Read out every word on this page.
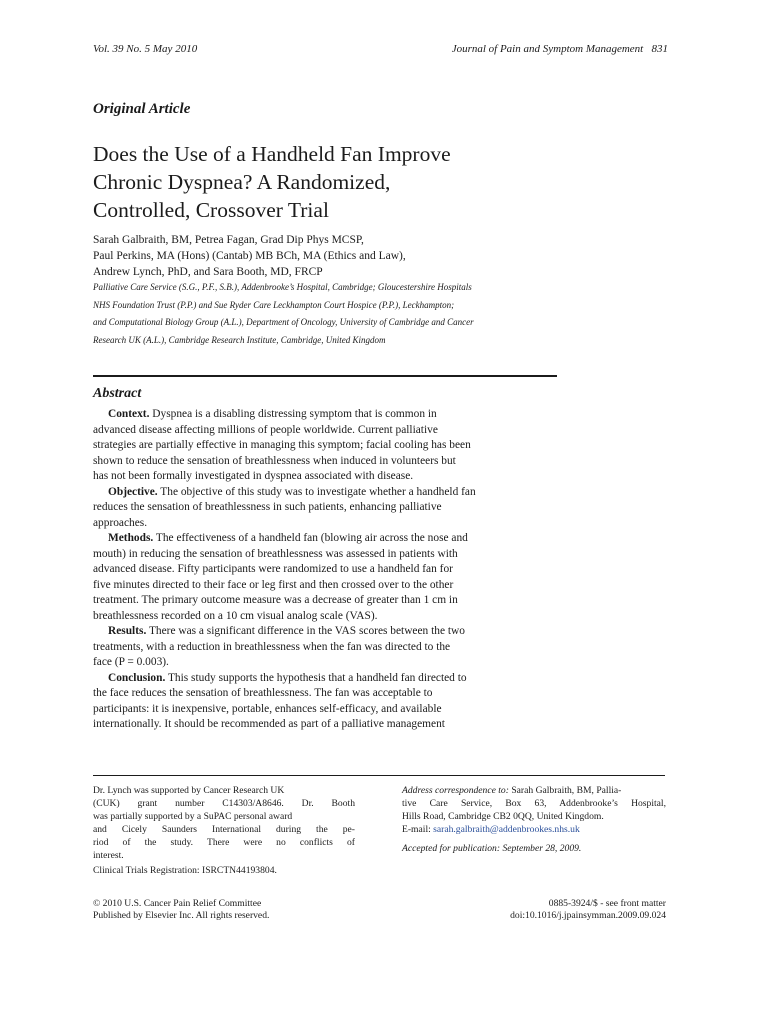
Vol. 39 No. 5 May 2010	Journal of Pain and Symptom Management   831
Original Article
Does the Use of a Handheld Fan Improve
Chronic Dyspnea? A Randomized,
Controlled, Crossover Trial
Sarah Galbraith, BM, Petrea Fagan, Grad Dip Phys MCSP,
Paul Perkins, MA (Hons) (Cantab) MB BCh, MA (Ethics and Law),
Andrew Lynch, PhD, and Sara Booth, MD, FRCP
Palliative Care Service (S.G., P.F., S.B.), Addenbrooke’s Hospital, Cambridge; Gloucestershire Hospitals
NHS Foundation Trust (P.P.) and Sue Ryder Care Leckhampton Court Hospice (P.P.), Leckhampton;
and Computational Biology Group (A.L.), Department of Oncology, University of Cambridge and Cancer
Research UK (A.L.), Cambridge Research Institute, Cambridge, United Kingdom
Abstract
Context. Dyspnea is a disabling distressing symptom that is common in
advanced disease affecting millions of people worldwide. Current palliative
strategies are partially effective in managing this symptom; facial cooling has been
shown to reduce the sensation of breathlessness when induced in volunteers but
has not been formally investigated in dyspnea associated with disease.
Objective. The objective of this study was to investigate whether a handheld fan
reduces the sensation of breathlessness in such patients, enhancing palliative
approaches.
Methods. The effectiveness of a handheld fan (blowing air across the nose and
mouth) in reducing the sensation of breathlessness was assessed in patients with
advanced disease. Fifty participants were randomized to use a handheld fan for
five minutes directed to their face or leg first and then crossed over to the other
treatment. The primary outcome measure was a decrease of greater than 1 cm in
breathlessness recorded on a 10 cm visual analog scale (VAS).
Results. There was a significant difference in the VAS scores between the two
treatments, with a reduction in breathlessness when the fan was directed to the
face (P = 0.003).
Conclusion. This study supports the hypothesis that a handheld fan directed to
the face reduces the sensation of breathlessness. The fan was acceptable to
participants: it is inexpensive, portable, enhances self-efficacy, and available
internationally. It should be recommended as part of a palliative management
Dr. Lynch was supported by Cancer Research UK
(CUK) grant number C14303/A8646. Dr. Booth
was partially supported by a SuPAC personal award
and Cicely Saunders International during the pe-
riod of the study. There were no conflicts of
interest.
Clinical Trials Registration: ISRCTN44193804.
Address correspondence to: Sarah Galbraith, BM, Pallia-
tive Care Service, Box 63, Addenbrooke’s Hospital,
Hills Road, Cambridge CB2 0QQ, United Kingdom.
E-mail: sarah.galbraith@addenbrookes.nhs.uk
Accepted for publication: September 28, 2009.
© 2010 U.S. Cancer Pain Relief Committee
Published by Elsevier Inc. All rights reserved.
0885-3924/$ - see front matter
doi:10.1016/j.jpainsymman.2009.09.024
